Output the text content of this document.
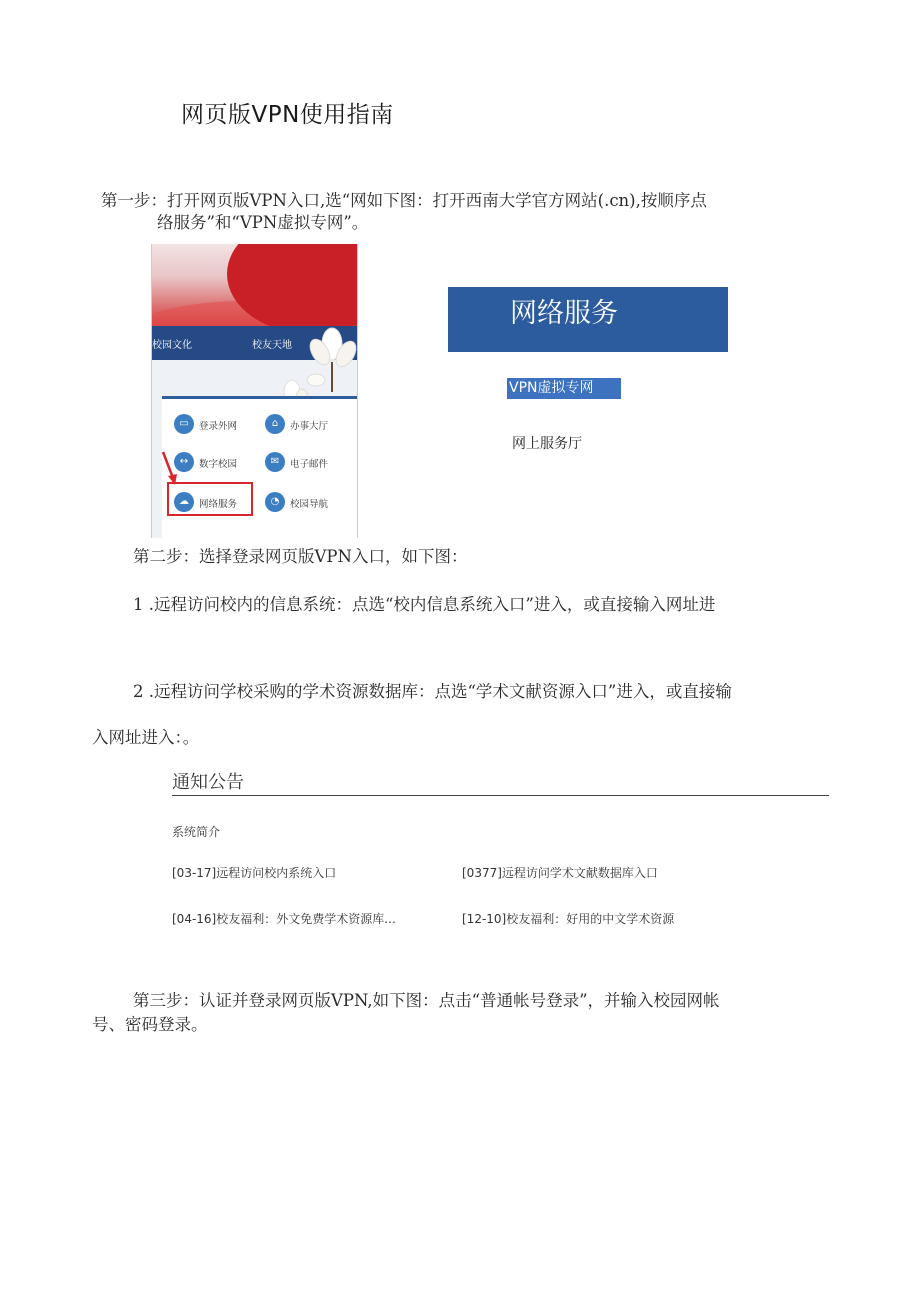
网页版VPN使用指南
第一步：打开网页版VPN入口,选“网如下图：打开西南大学官方网站(.cn),按顺序点
络服务”和“VPN虚拟专网”。
校园文化	校友天地
▭	登录外网	⌂	办事大厅
↔	数字校园	✉	电子邮件
☁	网络服务	◔	校园导航
网络服务
VPN虚拟专网
网上服务厅
第二步：选择登录网页版VPN入口，如下图：
1 .远程访问校内的信息系统：点选“校内信息系统入口”进入，或直接输入网址进
2 .远程访问学校采购的学术资源数据库：点选“学术文献资源入口”进入，或直接输
入网址进入：。
通知公告
系统简介
[03-17]远程访问校内系统入口	[0377]远程访问学术文献数据库入口
[04-16]校友福利：外文免费学术资源库.‥	[12-10]校友福利：好用的中文学术资源
第三步：认证并登录网页版VPN,如下图：点击“普通帐号登录”，并输入校园网帐
号、密码登录。
